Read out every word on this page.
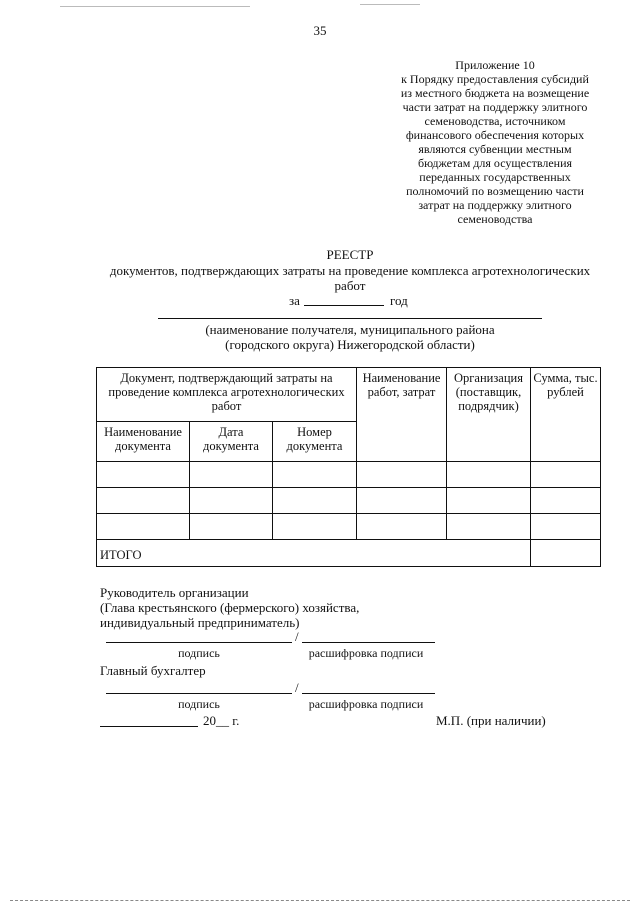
35
Приложение 10
к Порядку предоставления субсидий
из местного бюджета на возмещение
части затрат на поддержку элитного
семеноводства, источником
финансового обеспечения которых
являются субвенции местным
бюджетам для осуществления
переданных государственных
полномочий по возмещению части
затрат на поддержку элитного
семеноводства
РЕЕСТР
документов, подтверждающих затраты на проведение комплекса агротехнологических
работ
за	год
(наименование получателя, муниципального района
(городского округа) Нижегородской области)
Документ, подтверждающий затраты на проведение комплекса агротехнологических работ			Наименование работ, затрат	Организация (поставщик, подрядчик)	Сумма, тыс. рублей
Наименование документа	Дата документа	Номер документа			

ИТОГО					
Руководитель организации
(Глава крестьянского (фермерского) хозяйства,
индивидуальный предприниматель)
/
подпись	расшифровка подписи
Главный бухгалтер
/
подпись	расшифровка подписи
20__ г.	М.П. (при наличии)
